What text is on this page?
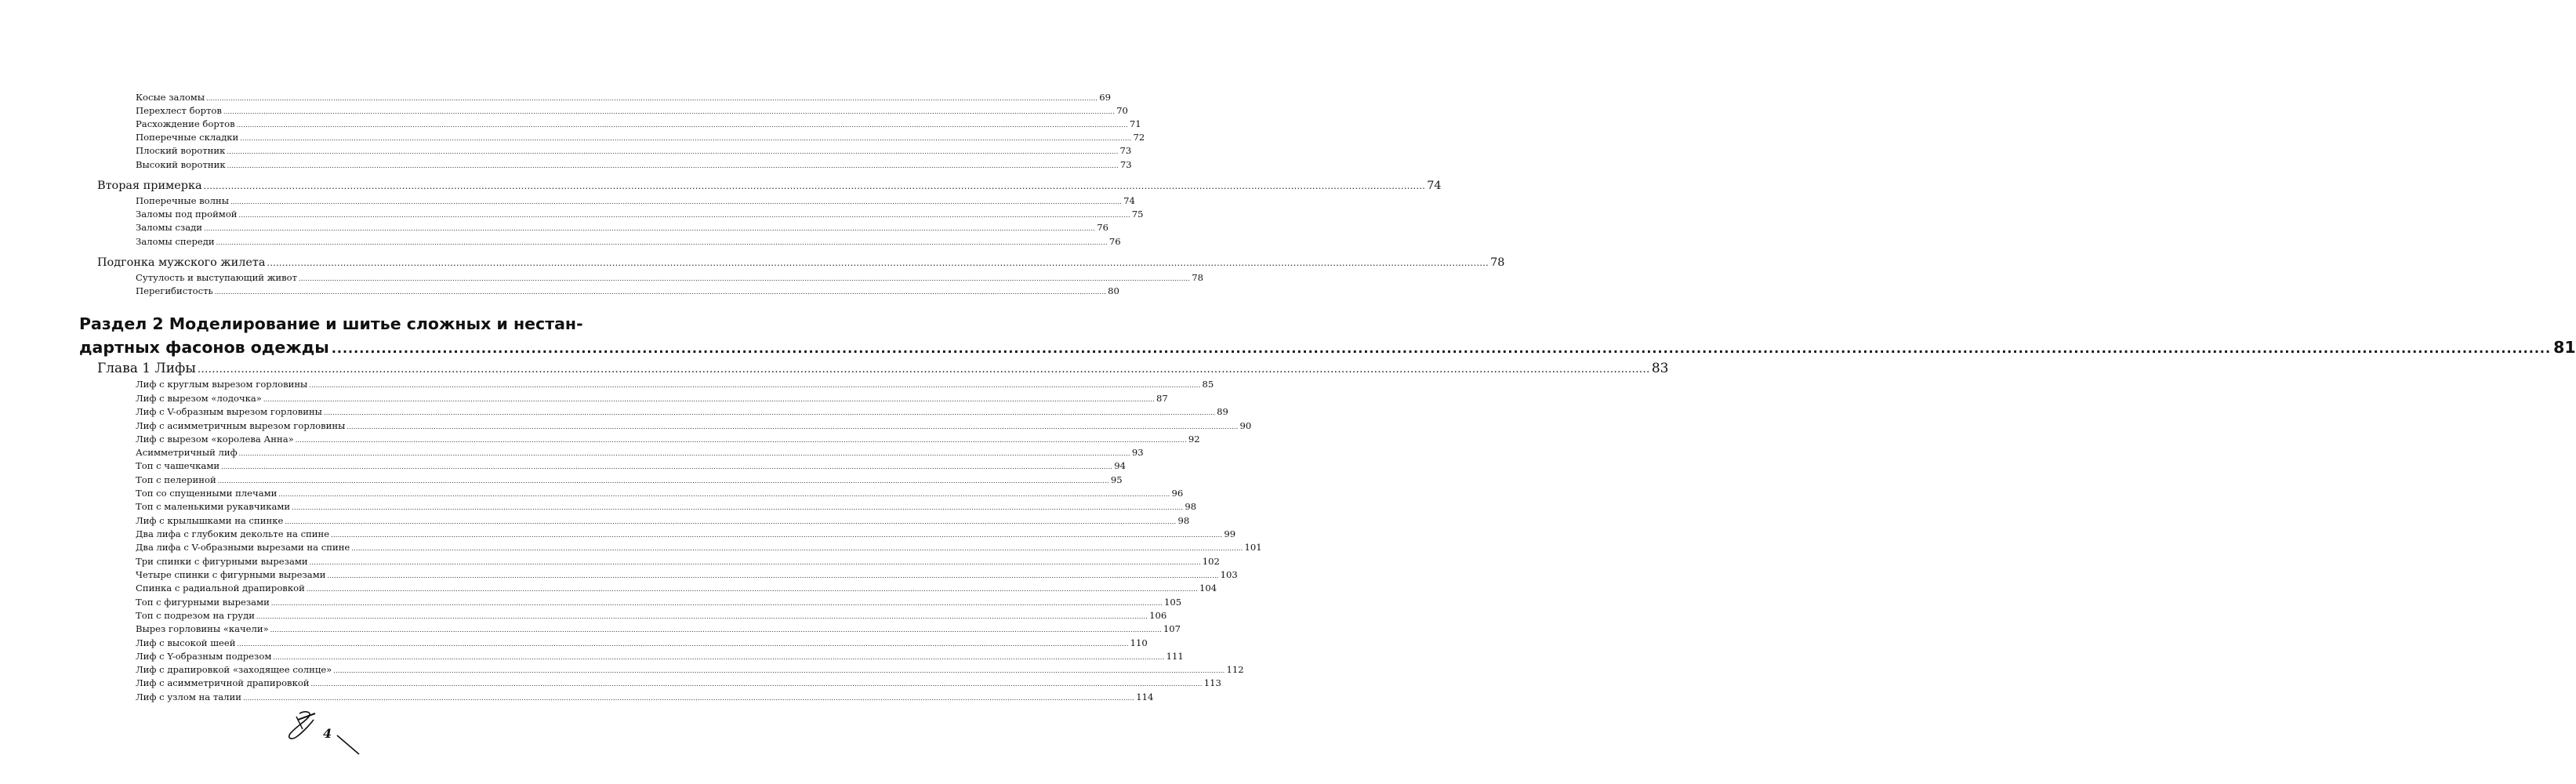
Косые заломы ................................................................................................................................................................................................................................................................................................................................................................................................................ 69
Перехлест бортов ................................................................................................................................................................................................................................................................................................................................................................................................................ 70
Расхождение бортов ................................................................................................................................................................................................................................................................................................................................................................................................................ 71
Поперечные складки ................................................................................................................................................................................................................................................................................................................................................................................................................ 72
Плоский воротник ................................................................................................................................................................................................................................................................................................................................................................................................................ 73
Высокий воротник ................................................................................................................................................................................................................................................................................................................................................................................................................ 73
Вторая примерка ................................................................................................................................................................................................................................................................................................................................................................................................................ 74
Поперечные волны ................................................................................................................................................................................................................................................................................................................................................................................................................ 74
Заломы под проймой ................................................................................................................................................................................................................................................................................................................................................................................................................ 75
Заломы сзади ................................................................................................................................................................................................................................................................................................................................................................................................................ 76
Заломы спереди ................................................................................................................................................................................................................................................................................................................................................................................................................ 76
Подгонка мужского жилета ................................................................................................................................................................................................................................................................................................................................................................................................................ 78
Сутулость и выступающий живот ................................................................................................................................................................................................................................................................................................................................................................................................................ 78
Перегибистость ................................................................................................................................................................................................................................................................................................................................................................................................................ 80
Раздел 2 Моделирование и шитье сложных и нестан-
дартных фасонов одежды ................................................................................................................................................................................................................................................................................................................................................................................................................ 81
Глава 1 Лифы ................................................................................................................................................................................................................................................................................................................................................................................................................ 83
Лиф с круглым вырезом горловины ................................................................................................................................................................................................................................................................................................................................................................................................................ 85
Лиф с вырезом «лодочка» ................................................................................................................................................................................................................................................................................................................................................................................................................ 87
Лиф с V-образным вырезом горловины ................................................................................................................................................................................................................................................................................................................................................................................................................ 89
Лиф с асимметричным вырезом горловины ................................................................................................................................................................................................................................................................................................................................................................................................................ 90
Лиф с вырезом «королева Анна» ................................................................................................................................................................................................................................................................................................................................................................................................................ 92
Асимметричный лиф ................................................................................................................................................................................................................................................................................................................................................................................................................ 93
Топ с чашечками ................................................................................................................................................................................................................................................................................................................................................................................................................ 94
Топ с пелериной ................................................................................................................................................................................................................................................................................................................................................................................................................ 95
Топ со спущенными плечами ................................................................................................................................................................................................................................................................................................................................................................................................................ 96
Топ с маленькими рукавчиками ................................................................................................................................................................................................................................................................................................................................................................................................................ 98
Лиф с крылышками на спинке ................................................................................................................................................................................................................................................................................................................................................................................................................ 98
Два лифа с глубоким декольте на спине ................................................................................................................................................................................................................................................................................................................................................................................................................ 99
Два лифа с V-образными вырезами на спине ................................................................................................................................................................................................................................................................................................................................................................................................................ 101
Три спинки с фигурными вырезами ................................................................................................................................................................................................................................................................................................................................................................................................................ 102
Четыре спинки с фигурными вырезами ................................................................................................................................................................................................................................................................................................................................................................................................................ 103
Спинка с радиальной драпировкой ................................................................................................................................................................................................................................................................................................................................................................................................................ 104
Топ с фигурными вырезами ................................................................................................................................................................................................................................................................................................................................................................................................................ 105
Топ с подрезом на груди ................................................................................................................................................................................................................................................................................................................................................................................................................ 106
Вырез горловины «качели» ................................................................................................................................................................................................................................................................................................................................................................................................................ 107
Лиф с высокой шеей ................................................................................................................................................................................................................................................................................................................................................................................................................ 110
Лиф с Y-образным подрезом ................................................................................................................................................................................................................................................................................................................................................................................................................ 111
Лиф с драпировкой «заходящее солнце» ................................................................................................................................................................................................................................................................................................................................................................................................................ 112
Лиф с асимметричной драпировкой ................................................................................................................................................................................................................................................................................................................................................................................................................ 113
Лиф с узлом на талии ................................................................................................................................................................................................................................................................................................................................................................................................................ 114
4
